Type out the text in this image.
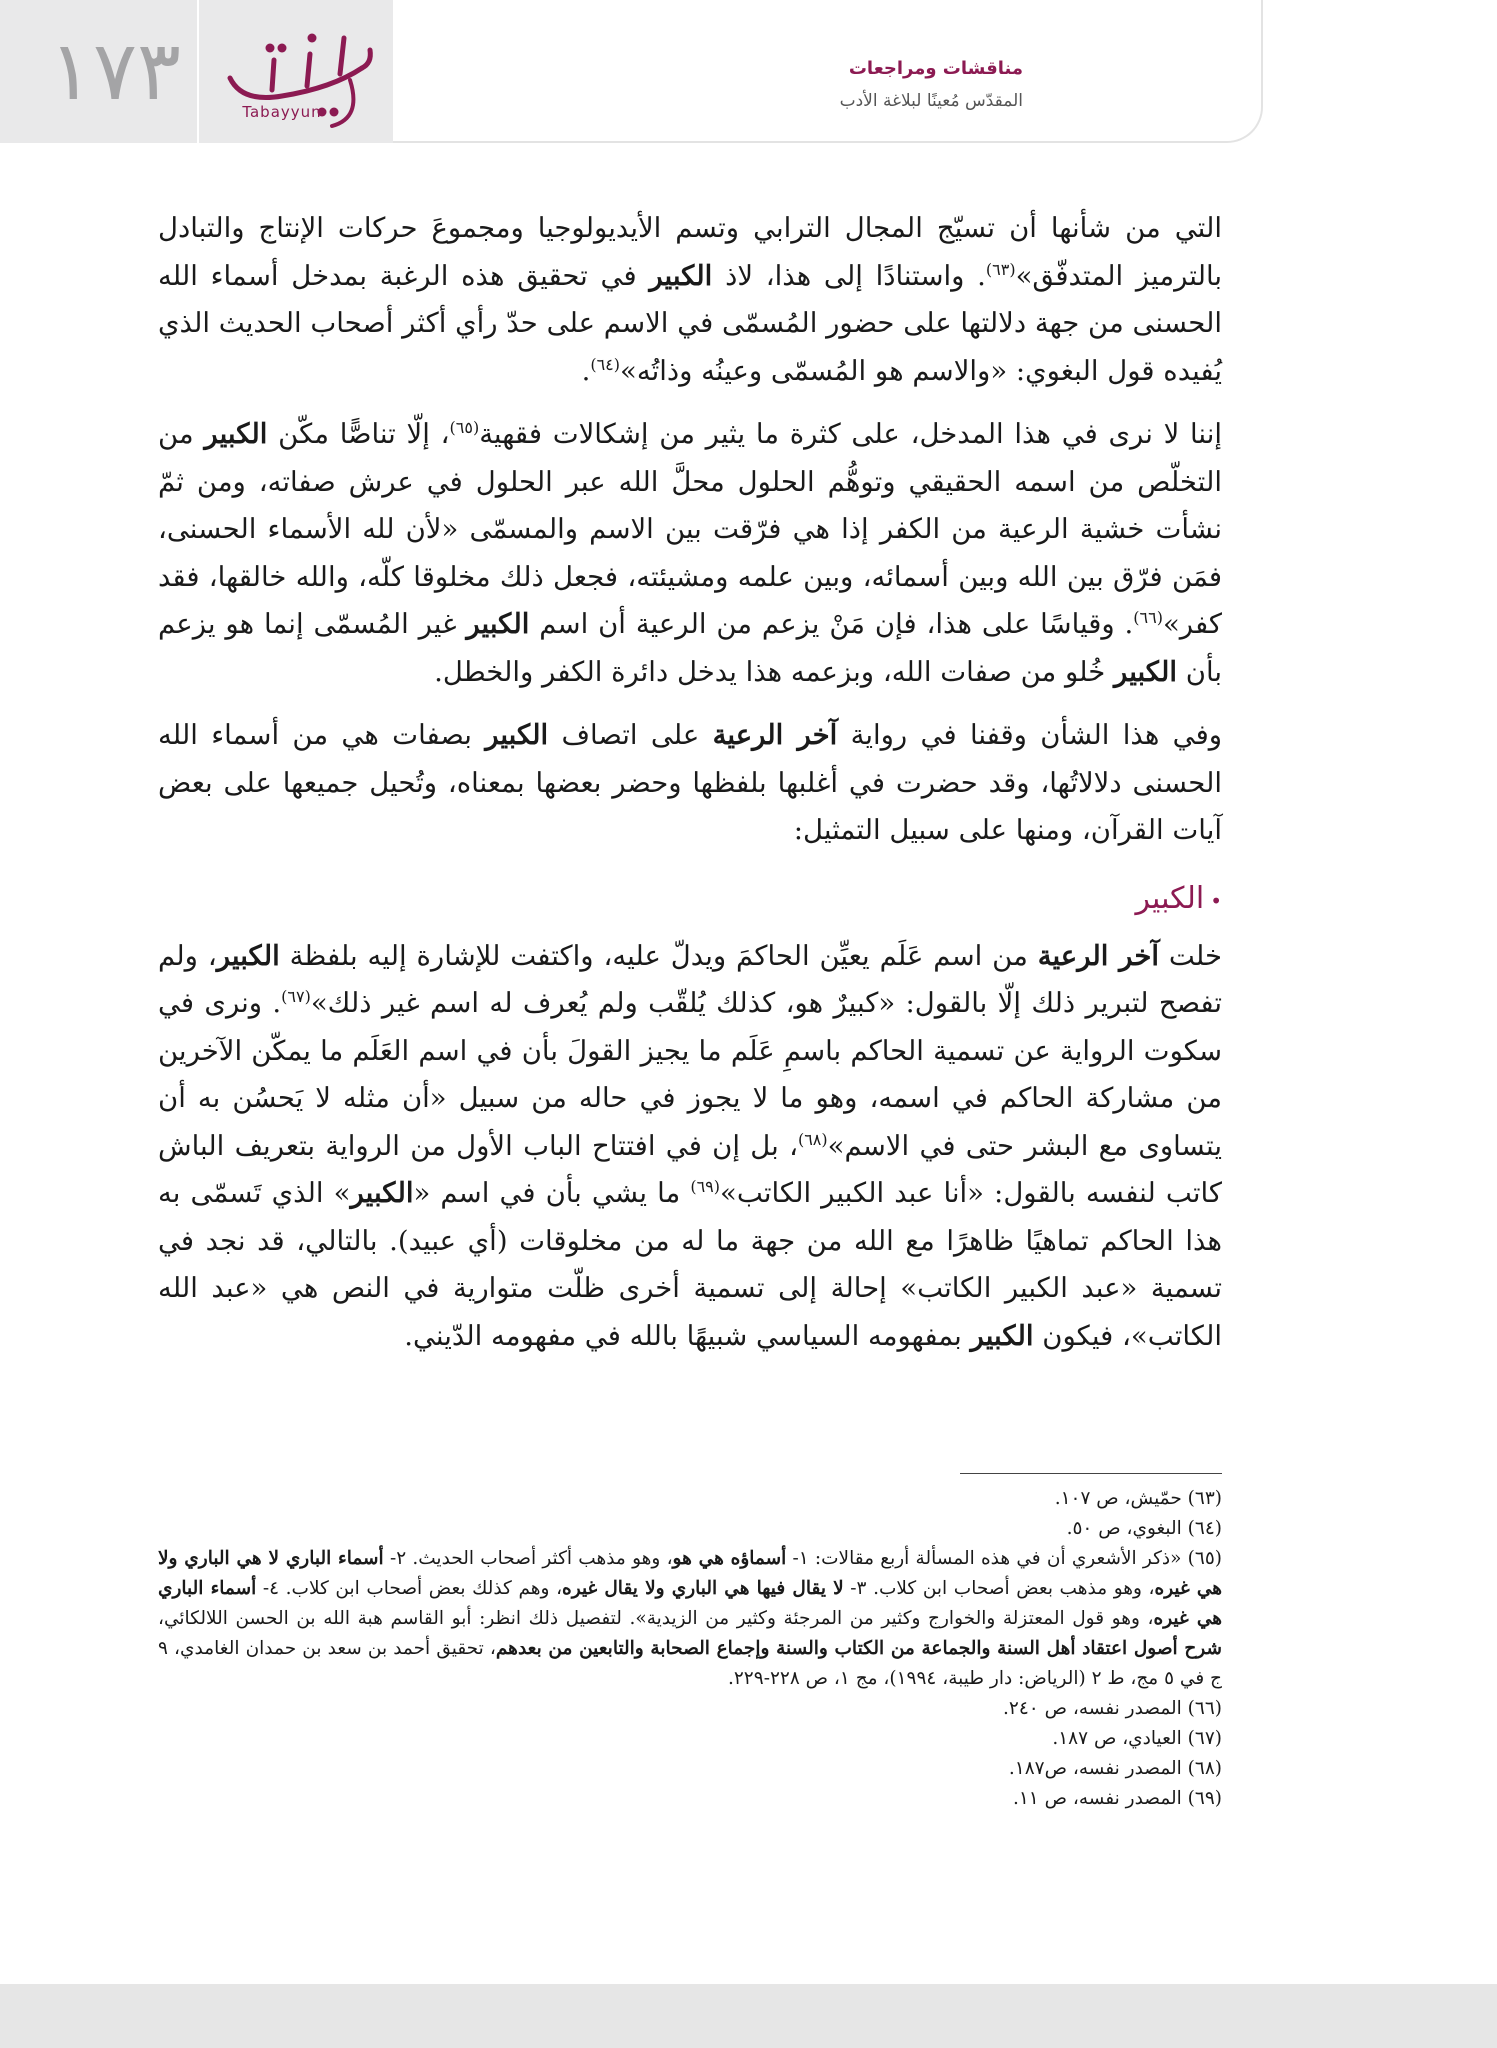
١٧٣	Tabayyun
مناقشات ومراجعات
المقدّس مُعينًا لبلاغة الأدب

التي من شأنها أن تسيّج المجال الترابي وتسم الأيديولوجيا ومجموعَ حركات الإنتاج والتبادل بالترميز المتدفّق»$^{(٦٣)}$. واستنادًا إلى هذا، لاذ الكبير في تحقيق هذه الرغبة بمدخل أسماء الله الحسنى من جهة دلالتها على حضور المُسمّى في الاسم على حدّ رأي أكثر أصحاب الحديث الذي يُفيده قول البغوي: «والاسم هو المُسمّى وعينُه وذاتُه»$^{(٦٤)}$.

إننا لا نرى في هذا المدخل، على كثرة ما يثير من إشكالات فقهية$^{(٦٥)}$، إلّا تناصًّا مكّن الكبير من التخلّص من اسمه الحقيقي وتوهُّم الحلول محلَّ الله عبر الحلول في عرش صفاته، ومن ثمّ نشأت خشية الرعية من الكفر إذا هي فرّقت بين الاسم والمسمّى «لأن لله الأسماء الحسنى، فمَن فرّق بين الله وبين أسمائه، وبين علمه ومشيئته، فجعل ذلك مخلوقا كلّه، والله خالقها، فقد كفر»$^{(٦٦)}$. وقياسًا على هذا، فإن مَنْ يزعم من الرعية أن اسم الكبير غير المُسمّى إنما هو يزعم بأن الكبير خُلو من صفات الله، وبزعمه هذا يدخل دائرة الكفر والخطل.

وفي هذا الشأن وقفنا في رواية آخر الرعية على اتصاف الكبير بصفات هي من أسماء الله الحسنى دلالاتُها، وقد حضرت في أغلبها بلفظها وحضر بعضها بمعناه، وتُحيل جميعها على بعض آيات القرآن، ومنها على سبيل التمثيل:

•الكبير

خلت آخر الرعية من اسم عَلَم يعيِّن الحاكمَ ويدلّ عليه، واكتفت للإشارة إليه بلفظة الكبير، ولم تفصح لتبرير ذلك إلّا بالقول: «كبيرٌ هو، كذلك يُلقّب ولم يُعرف له اسم غير ذلك»$^{(٦٧)}$. ونرى في سكوت الرواية عن تسمية الحاكم باسمِ عَلَم ما يجيز القولَ بأن في اسم العَلَم ما يمكّن الآخرين من مشاركة الحاكم في اسمه، وهو ما لا يجوز في حاله من سبيل «أن مثله لا يَحسُن به أن يتساوى مع البشر حتى في الاسم»$^{(٦٨)}$، بل إن في افتتاح الباب الأول من الرواية بتعريف الباش كاتب لنفسه بالقول: «أنا عبد الكبير الكاتب»$^{(٦٩)}$ ما يشي بأن في اسم «الكبير» الذي تَسمّى به هذا الحاكم تماهيًا ظاهرًا مع الله من جهة ما له من مخلوقات (أي عبيد). بالتالي، قد نجد في تسمية «عبد الكبير الكاتب» إحالة إلى تسمية أخرى ظلّت متوارية في النص هي «عبد الله الكاتب»، فيكون الكبير بمفهومه السياسي شبيهًا بالله في مفهومه الدّيني.

(٦٣) حمّيش، ص ١٠٧.
(٦٤) البغوي، ص ٥٠.
(٦٥) «ذكر الأشعري أن في هذه المسألة أربع مقالات: ١- أسماؤه هي هو، وهو مذهب أكثر أصحاب الحديث. ٢- أسماء الباري لا هي الباري ولا هي غيره، وهو مذهب بعض أصحاب ابن كلاب. ٣- لا يقال فيها هي الباري ولا يقال غيره، وهم كذلك بعض أصحاب ابن كلاب. ٤- أسماء الباري هي غيره، وهو قول المعتزلة والخوارج وكثير من المرجئة وكثير من الزيدية». لتفصيل ذلك انظر: أبو القاسم هبة الله بن الحسن اللالكائي، شرح أصول اعتقاد أهل السنة والجماعة من الكتاب والسنة وإجماع الصحابة والتابعين من بعدهم، تحقيق أحمد بن سعد بن حمدان الغامدي، ٩ ج في ٥ مج، ط ٢ (الرياض: دار طيبة، ١٩٩٤)، مج ١، ص ٢٢٨-٢٢٩.
(٦٦) المصدر نفسه، ص ٢٤٠.
(٦٧) العيادي، ص ١٨٧.
(٦٨) المصدر نفسه، ص١٨٧.
(٦٩) المصدر نفسه، ص ١١.
